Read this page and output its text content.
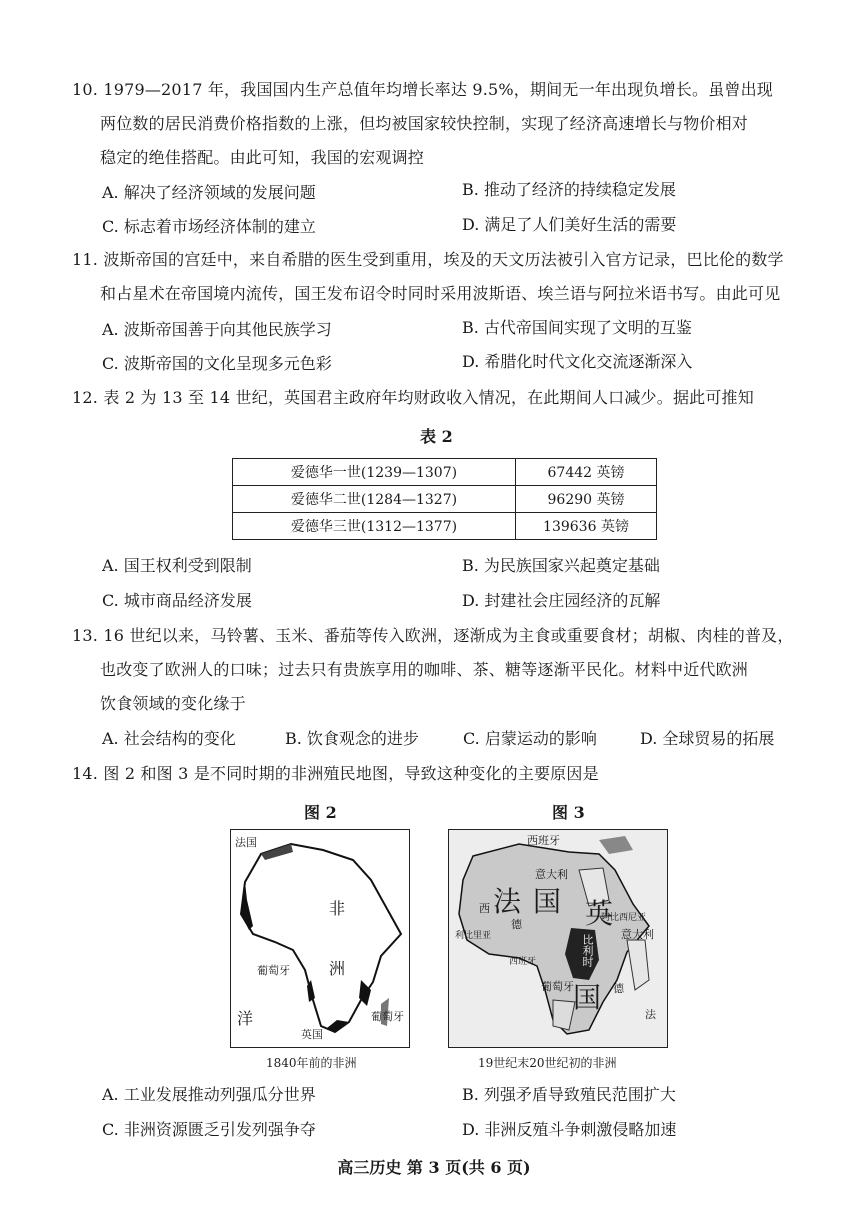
10. 1979—2017 年，我国国内生产总值年均增长率达 9.5%，期间无一年出现负增长。虽曾出现
两位数的居民消费价格指数的上涨，但均被国家较快控制，实现了经济高速增长与物价相对
稳定的绝佳搭配。由此可知，我国的宏观调控
A. 解决了经济领域的发展问题	B. 推动了经济的持续稳定发展
C. 标志着市场经济体制的建立	D. 满足了人们美好生活的需要
11. 波斯帝国的宫廷中，来自希腊的医生受到重用，埃及的天文历法被引入官方记录，巴比伦的数学
和占星术在帝国境内流传，国王发布诏令时同时采用波斯语、埃兰语与阿拉米语书写。由此可见
A. 波斯帝国善于向其他民族学习	B. 古代帝国间实现了文明的互鉴
C. 波斯帝国的文化呈现多元色彩	D. 希腊化时代文化交流逐渐深入
12. 表 2 为 13 至 14 世纪，英国君主政府年均财政收入情况，在此期间人口减少。据此可推知
表 2
爱德华一世(1239—1307)	67442 英镑
爱德华二世(1284—1327)	96290 英镑
爱德华三世(1312—1377)	139636 英镑
A. 国王权利受到限制	B. 为民族国家兴起奠定基础
C. 城市商品经济发展	D. 封建社会庄园经济的瓦解
13. 16 世纪以来，马铃薯、玉米、番茄等传入欧洲，逐渐成为主食或重要食材；胡椒、肉桂的普及，
也改变了欧洲人的口味；过去只有贵族享用的咖啡、茶、糖等逐渐平民化。材料中近代欧洲
饮食领域的变化缘于
A. 社会结构的变化	B. 饮食观念的进步	C. 启蒙运动的影响	D. 全球贸易的拓展
14. 图 2 和图 3 是不同时期的非洲殖民地图，导致这种变化的主要原因是
图 2	图 3
法国
非
洲
葡萄牙
洋
英国
葡萄牙
1840年前的非洲
西班牙
意大利
法 国 英
国
比利时
葡萄牙
意大利
德
德
西
法
阿比西尼亚
利比里亚
西班牙
19世纪末20世纪初的非洲
A. 工业发展推动列强瓜分世界	B. 列强矛盾导致殖民范围扩大
C. 非洲资源匮乏引发列强争夺	D. 非洲反殖斗争刺激侵略加速
高三历史 第 3 页(共 6 页)
